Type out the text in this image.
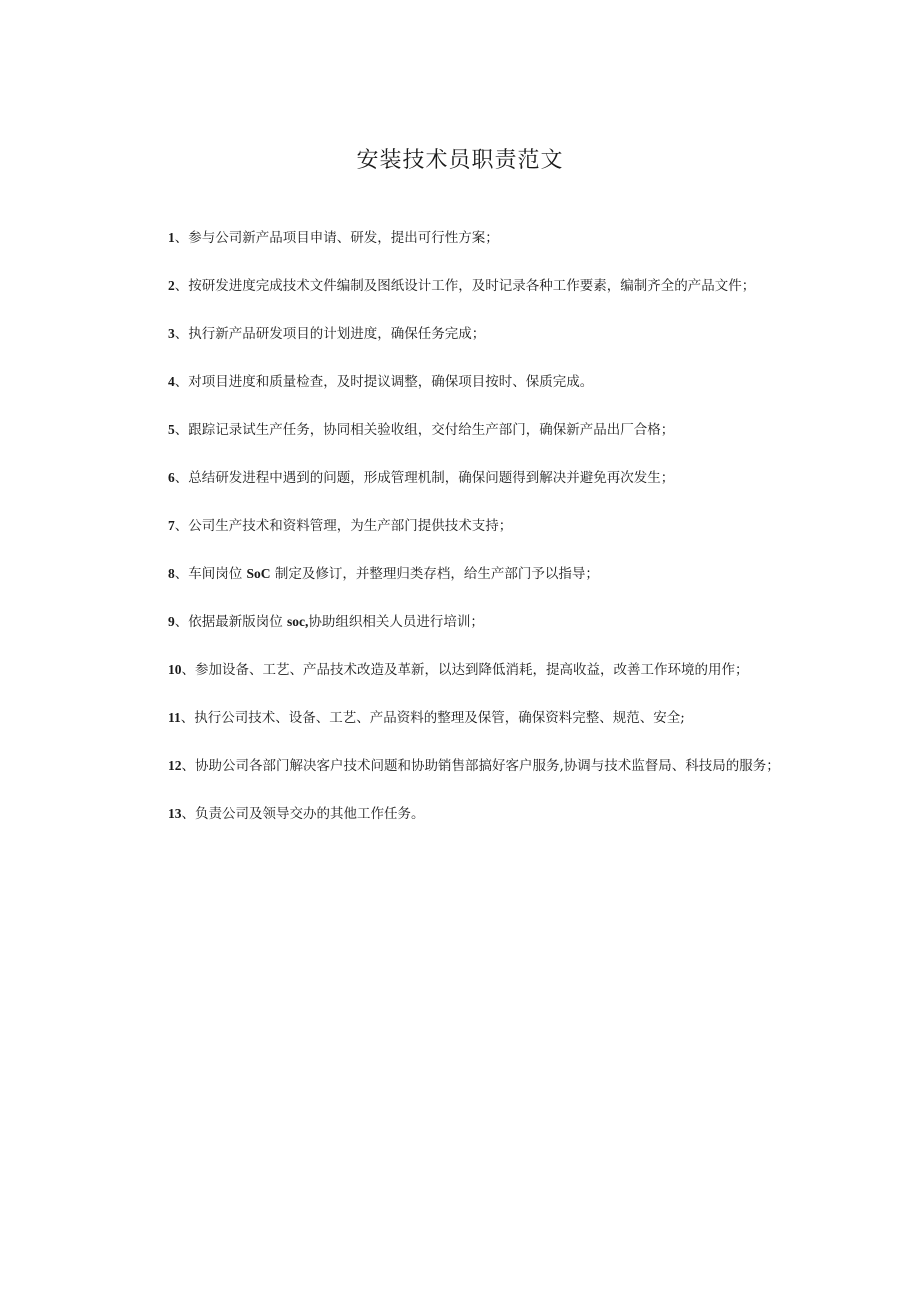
安装技术员职责范文

1、参与公司新产品项目申请、研发，提出可行性方案；

2、按研发进度完成技术文件编制及图纸设计工作，及时记录各种工作要素，编制齐全的产品文件；

3、执行新产品研发项目的计划进度，确保任务完成；

4、对项目进度和质量检查，及时提议调整，确保项目按时、保质完成。

5、跟踪记录试生产任务，协同相关验收组，交付给生产部门，确保新产品出厂合格；

6、总结研发进程中遇到的问题，形成管理机制，确保问题得到解决并避免再次发生；

7、公司生产技术和资料管理，为生产部门提供技术支持；

8、车间岗位 SoC 制定及修订，并整理归类存档，给生产部门予以指导；

9、依据最新版岗位 soc,协助组织相关人员进行培训；

10、参加设备、工艺、产品技术改造及革新，以达到降低消耗，提高收益，改善工作环境的用作；

11、执行公司技术、设备、工艺、产品资料的整理及保管，确保资料完整、规范、安全;

12、协助公司各部门解决客户技术问题和协助销售部搞好客户服务,协调与技术监督局、科技局的服务；

13、负责公司及领导交办的其他工作任务。
